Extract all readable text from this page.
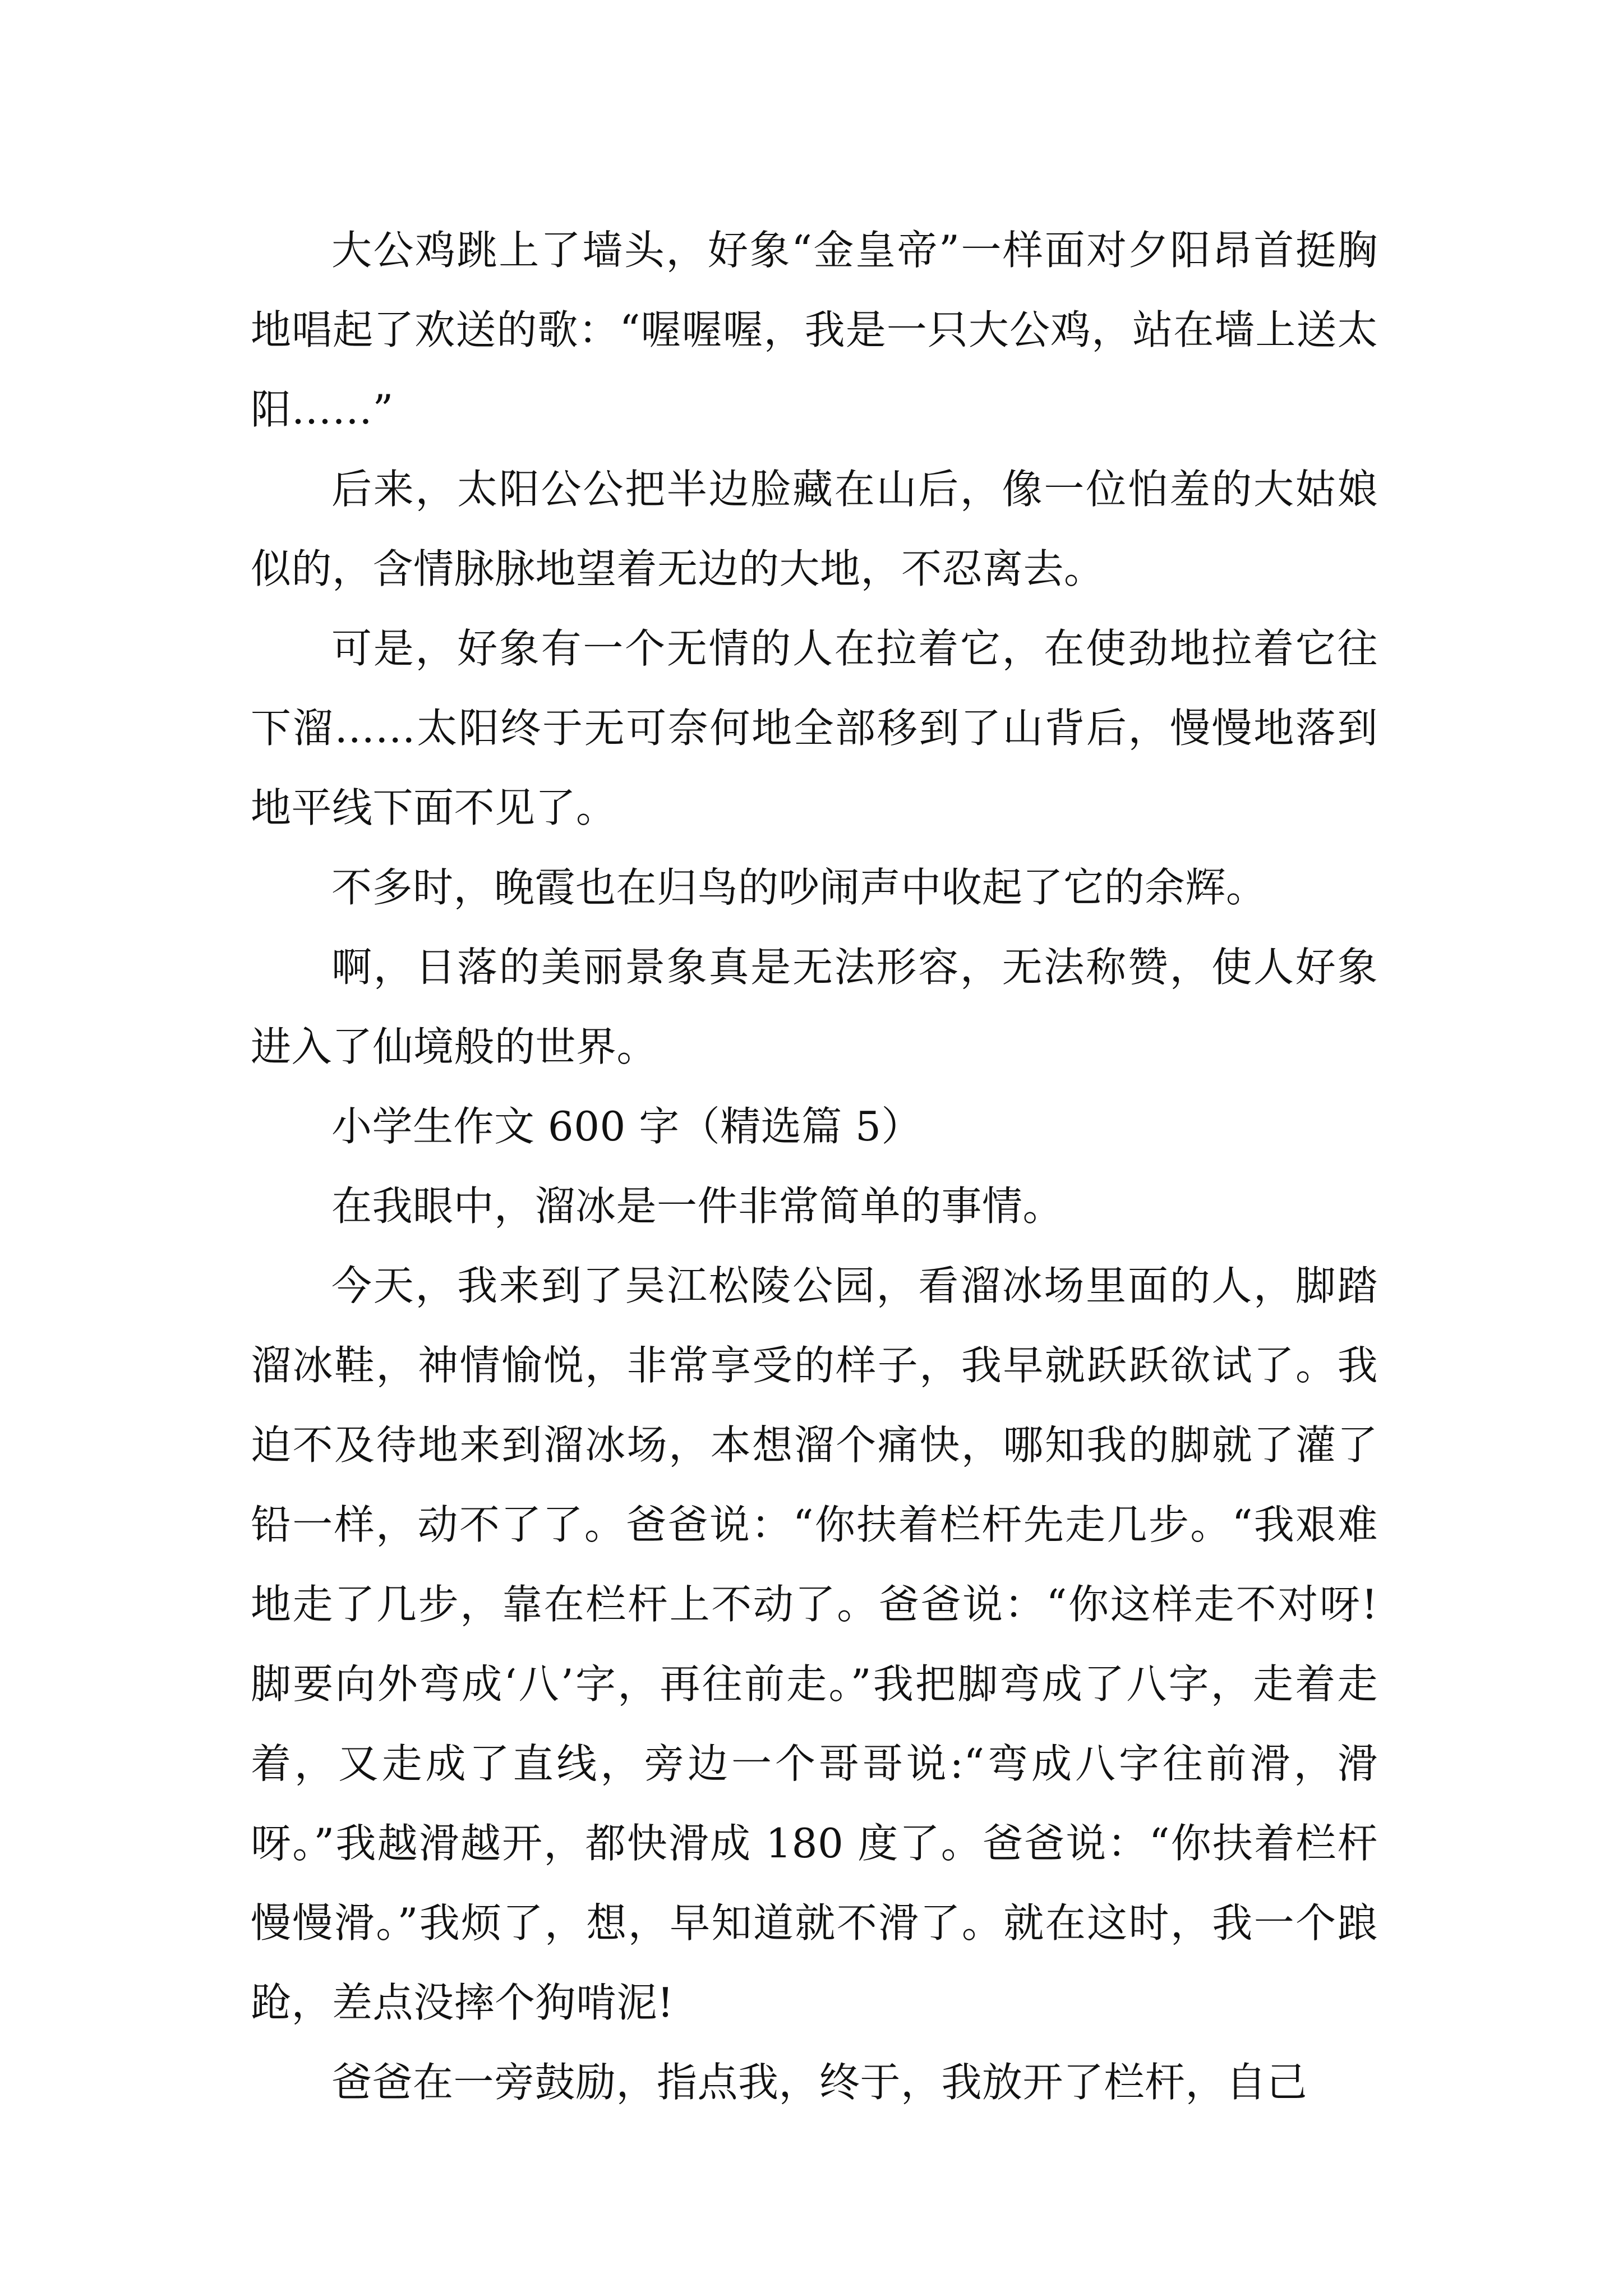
大公鸡跳上了墙头，好象“金皇帝”一样面对夕阳昂首挺胸地唱起了欢送的歌：“喔喔喔，我是一只大公鸡，站在墙上送太阳……”

后来，太阳公公把半边脸藏在山后，像一位怕羞的大姑娘似的，含情脉脉地望着无边的大地，不忍离去。

可是，好象有一个无情的人在拉着它，在使劲地拉着它往下溜……太阳终于无可奈何地全部移到了山背后，慢慢地落到地平线下面不见了。

不多时，晚霞也在归鸟的吵闹声中收起了它的余辉。

啊，日落的美丽景象真是无法形容，无法称赞，使人好象进入了仙境般的世界。

小学生作文 600 字（精选篇 5）

在我眼中，溜冰是一件非常简单的事情。

今天，我来到了吴江松陵公园，看溜冰场里面的人，脚踏溜冰鞋，神情愉悦，非常享受的样子，我早就跃跃欲试了。我迫不及待地来到溜冰场，本想溜个痛快，哪知我的脚就了灌了铅一样，动不了了。爸爸说：“你扶着栏杆先走几步。“我艰难地走了几步，靠在栏杆上不动了。爸爸说：“你这样走不对呀!脚要向外弯成‘八’字，再往前走。”我把脚弯成了八字，走着走着，又走成了直线，旁边一个哥哥说:“弯成八字往前滑，滑呀。”我越滑越开，都快滑成 180 度了。爸爸说：“你扶着栏杆慢慢滑。”我烦了，想，早知道就不滑了。就在这时，我一个踉跄，差点没摔个狗啃泥!

爸爸在一旁鼓励，指点我，终于，我放开了栏杆，自己
